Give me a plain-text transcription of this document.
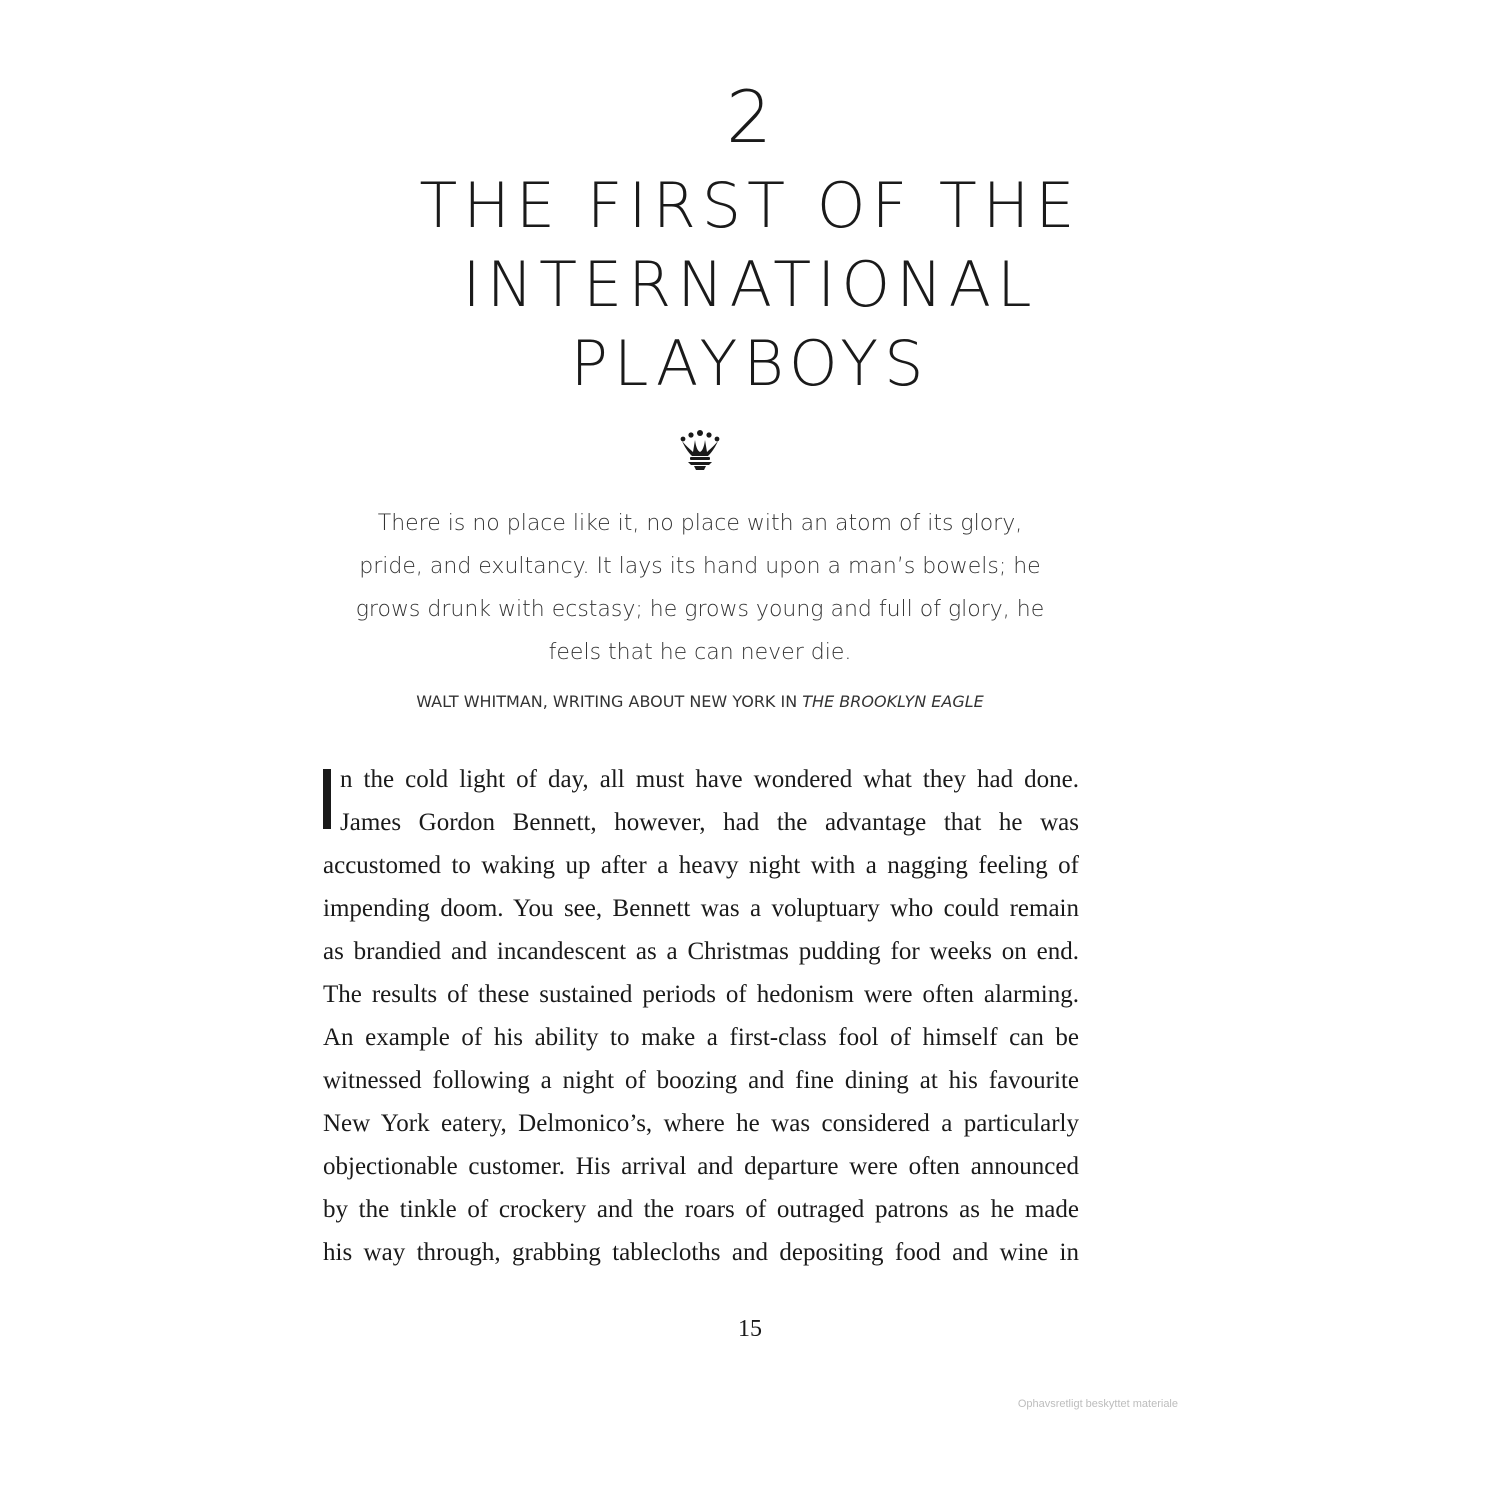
2
THE FIRST OF THE
INTERNATIONAL
PLAYBOYS
There is no place like it, no place with an atom of its glory,
pride, and exultancy. It lays its hand upon a man’s bowels; he
grows drunk with ecstasy; he grows young and full of glory, he
feels that he can never die.
WALT WHITMAN, WRITING ABOUT NEW YORK IN THE BROOKLYN EAGLE
n the cold light of day, all must have wondered what they had done.
James Gordon Bennett, however, had the advantage that he was
accustomed to waking up after a heavy night with a nagging feeling of
impending doom. You see, Bennett was a voluptuary who could remain
as brandied and incandescent as a Christmas pudding for weeks on end.
The results of these sustained periods of hedonism were often alarming.
An example of his ability to make a first-class fool of himself can be
witnessed following a night of boozing and fine dining at his favourite
New York eatery, Delmonico’s, where he was considered a particularly
objectionable customer. His arrival and departure were often announced
by the tinkle of crockery and the roars of outraged patrons as he made
his way through, grabbing tablecloths and depositing food and wine in
15
Ophavsretligt beskyttet materiale
